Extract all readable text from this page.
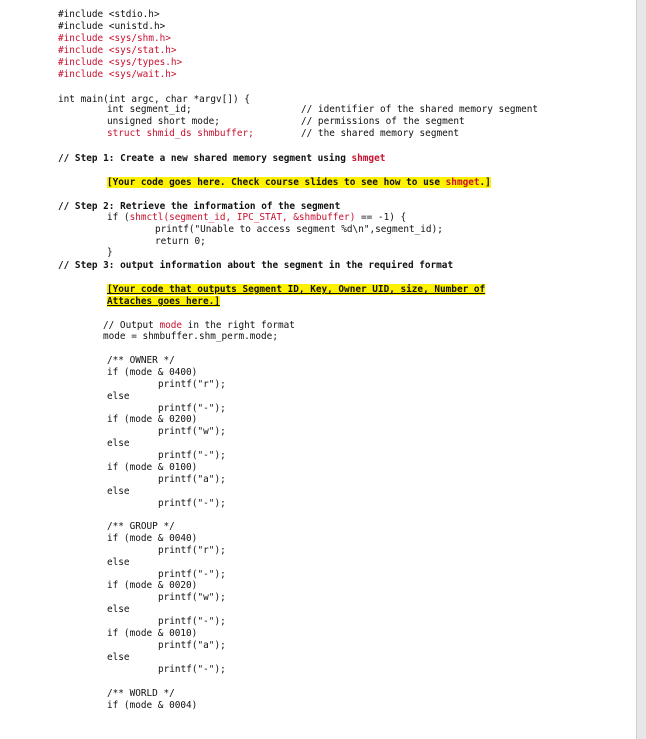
#include <stdio.h>
#include <unistd.h>
#include <sys/shm.h>
#include <sys/stat.h>
#include <sys/types.h>
#include <sys/wait.h>
int main(int argc, char *argv[]) {
int segment_id;	// identifier of the shared memory segment
unsigned short mode;	// permissions of the segment
struct shmid_ds shmbuffer;	// the shared memory segment
// Step 1: Create a new shared memory segment using shmget
[Your code goes here. Check course slides to see how to use shmget.]
// Step 2: Retrieve the information of the segment
if (shmctl(segment_id, IPC_STAT, &shmbuffer) == -1) {
printf("Unable to access segment %d\n",segment_id);
return 0;
}
// Step 3: output information about the segment in the required format
[Your code that outputs Segment ID, Key, Owner UID, size, Number of
Attaches goes here.]
// Output mode in the right format
mode = shmbuffer.shm_perm.mode;
/** OWNER */
if (mode & 0400)
printf("r");
else
printf("-");
if (mode & 0200)
printf("w");
else
printf("-");
if (mode & 0100)
printf("a");
else
printf("-");
/** GROUP */
if (mode & 0040)
printf("r");
else
printf("-");
if (mode & 0020)
printf("w");
else
printf("-");
if (mode & 0010)
printf("a");
else
printf("-");
/** WORLD */
if (mode & 0004)
